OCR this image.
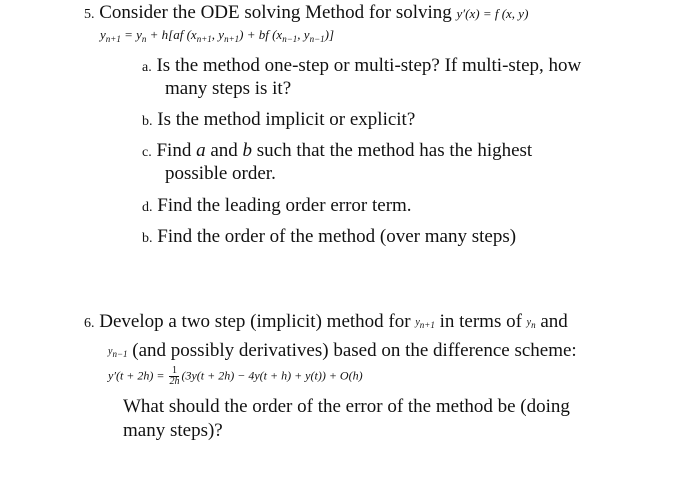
5. Consider the ODE solving Method for solving y′(x) = f (x, y)
$y_{n+1} = y_n + h[af$ ($x_{n+1}$, $y_{n+1}$) + bf ($x_{n-1}$, $y_{n-1}$)]
a. Is the method one-step or multi-step? If multi-step, how
many steps is it?
b. Is the method implicit or explicit?
c. Find a and b such that the method has the highest
possible order.
d. Find the leading order error term.
b. Find the order of the method (over many steps)
6. Develop a two step (implicit) method for yn+1 in terms of yn and
yn−1 (and possibly derivatives) based on the difference scheme:
$y'(t + 2h) = \frac{1}{2h} (3y(t + 2h) - 4y(t + h) + y(t)) + O(h)$
What should the order of the error of the method be (doing
many steps)?
